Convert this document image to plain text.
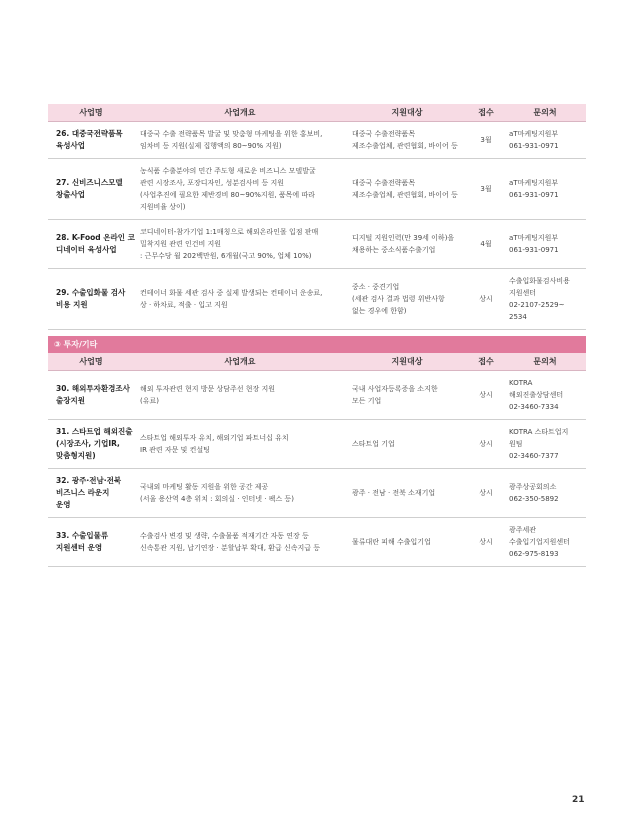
사업명	사업개요	지원대상	접수	문의처

26. 대중국전략품목
육성사업	대중국 수출 전략품목 발굴 및 맞춤형 마케팅을 위한 홍보비,
임차비 등 지원(실제 집행액의 80~90% 지원)	대중국 수출전략품목
제조수출업체, 관련협회, 바이어 등	3월	aT마케팅지원부
061-931-0971

27. 신비즈니스모델
창출사업	농식품 수출분야의 민간 주도형 새로운 비즈니스 모델발굴
관련 시장조사, 포장디자인, 성분검사비 등 지원
(사업추진에 필요한 제반경비 80~90%지원, 품목에 따라
지원비율 상이)	대중국 수출전략품목
제조수출업체, 관련협회, 바이어 등	3월	aT마케팅지원부
061-931-0971

28. K-Food 온라인 코
디네이터 육성사업	코디네이터-참가기업 1:1매칭으로 해외온라인몰 입점 판매
밀착지원 관련 인건비 지원
: 근무수당 월 202백만원, 6개월(국고 90%, 업체 10%)	디지털 지원인력(만 39세 이하)을
채용하는 중소식품수출기업	4월	aT마케팅지원부
061-931-0971

29. 수출입화물 검사
비용 지원	컨테이너 화물 세관 검사 중 실제 발생되는 컨테이너 운송료,
상 · 하차료, 적출 · 입고 지원	중소 · 중견기업
(세관 검사 결과 법령 위반사항
없는 경우에 한함)	상시	수출입화물검사비용
지원센터
02-2107-2529~
2534
③ 투자/기타
사업명	사업개요	지원대상	접수	문의처

30. 해외투자환경조사
출장지원	해외 투자관련 현지 방문 상담주선 현장 지원
(유료)	국내 사업자등록증을 소지한
모든 기업	상시	KOTRA
해외진출상담센터
02-3460-7334

31. 스타트업 해외진출
(시장조사, 기업IR,
맞춤형지원)	스타트업 해외투자 유치, 해외기업 파트너십 유치
IR 관련 자문 및 컨설팅	스타트업 기업	상시	KOTRA 스타트업지
원팀
02-3460-7377

32. 광주·전남·전북
비즈니스 라운지
운영	국내외 마케팅 활동 지원을 위한 공간 제공
(서울 용산역 4층 위치 : 회의실 · 인터넷 · 팩스 등)	광주 · 전남 · 전북 소재기업	상시	광주상공회의소
062-350-5892

33. 수출입물류
지원센터 운영	수출검사 변경 및 생략, 수출물품 적재기간 자동 연장 등
신속통관 지원, 납기연장 · 분할납부 확대, 환급 신속지급 등	물류대란 피해 수출입기업	상시	광주세관
수출입기업지원센터
062-975-8193
21
